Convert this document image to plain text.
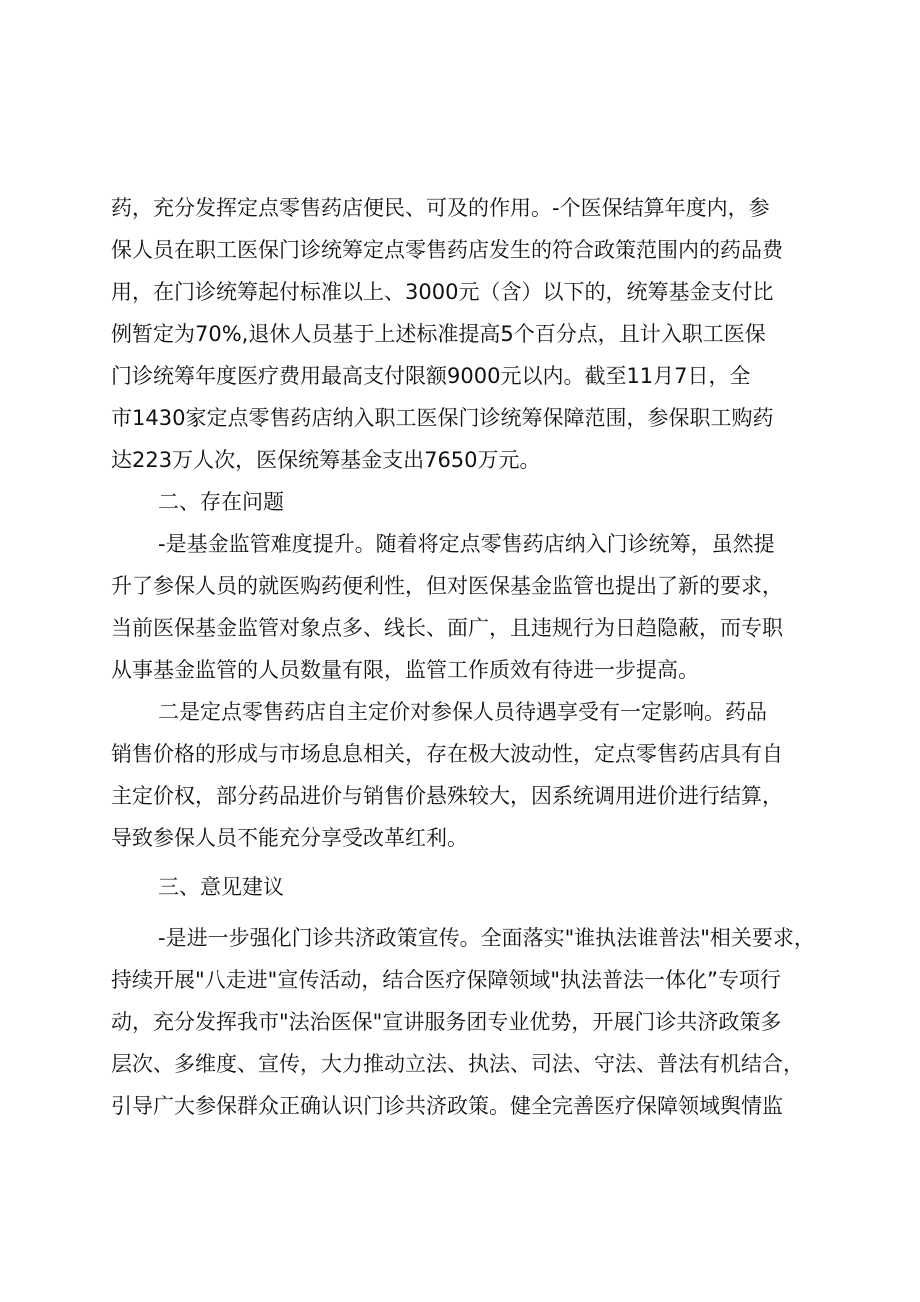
药，充分发挥定点零售药店便民、可及的作用。-个医保结算年度内，参
保人员在职工医保门诊统筹定点零售药店发生的符合政策范围内的药品费
用，在门诊统筹起付标准以上、3000元（含）以下的，统筹基金支付比
例暂定为70%,退休人员基于上述标准提高5个百分点，且计入职工医保
门诊统筹年度医疗费用最高支付限额9000元以内。截至11月7日，全
市1430家定点零售药店纳入职工医保门诊统筹保障范围，参保职工购药
达223万人次，医保统筹基金支出7650万元。
二、存在问题
-是基金监管难度提升。随着将定点零售药店纳入门诊统筹，虽然提
升了参保人员的就医购药便利性，但对医保基金监管也提出了新的要求，
当前医保基金监管对象点多、线长、面广，且违规行为日趋隐蔽，而专职
从事基金监管的人员数量有限，监管工作质效有待进一步提高。
二是定点零售药店自主定价对参保人员待遇享受有一定影响。药品
销售价格的形成与市场息息相关，存在极大波动性，定点零售药店具有自
主定价权，部分药品进价与销售价悬殊较大，因系统调用进价进行结算，
导致参保人员不能充分享受改革红利。
三、意见建议
-是进一步强化门诊共济政策宣传。全面落实"谁执法谁普法"相关要求，
持续开展"八走进"宣传活动，结合医疗保障领域"执法普法一体化”专项行
动，充分发挥我市"法治医保"宣讲服务团专业优势，开展门诊共济政策多
层次、多维度、宣传，大力推动立法、执法、司法、守法、普法有机结合，
引导广大参保群众正确认识门诊共济政策。健全完善医疗保障领域舆情监
